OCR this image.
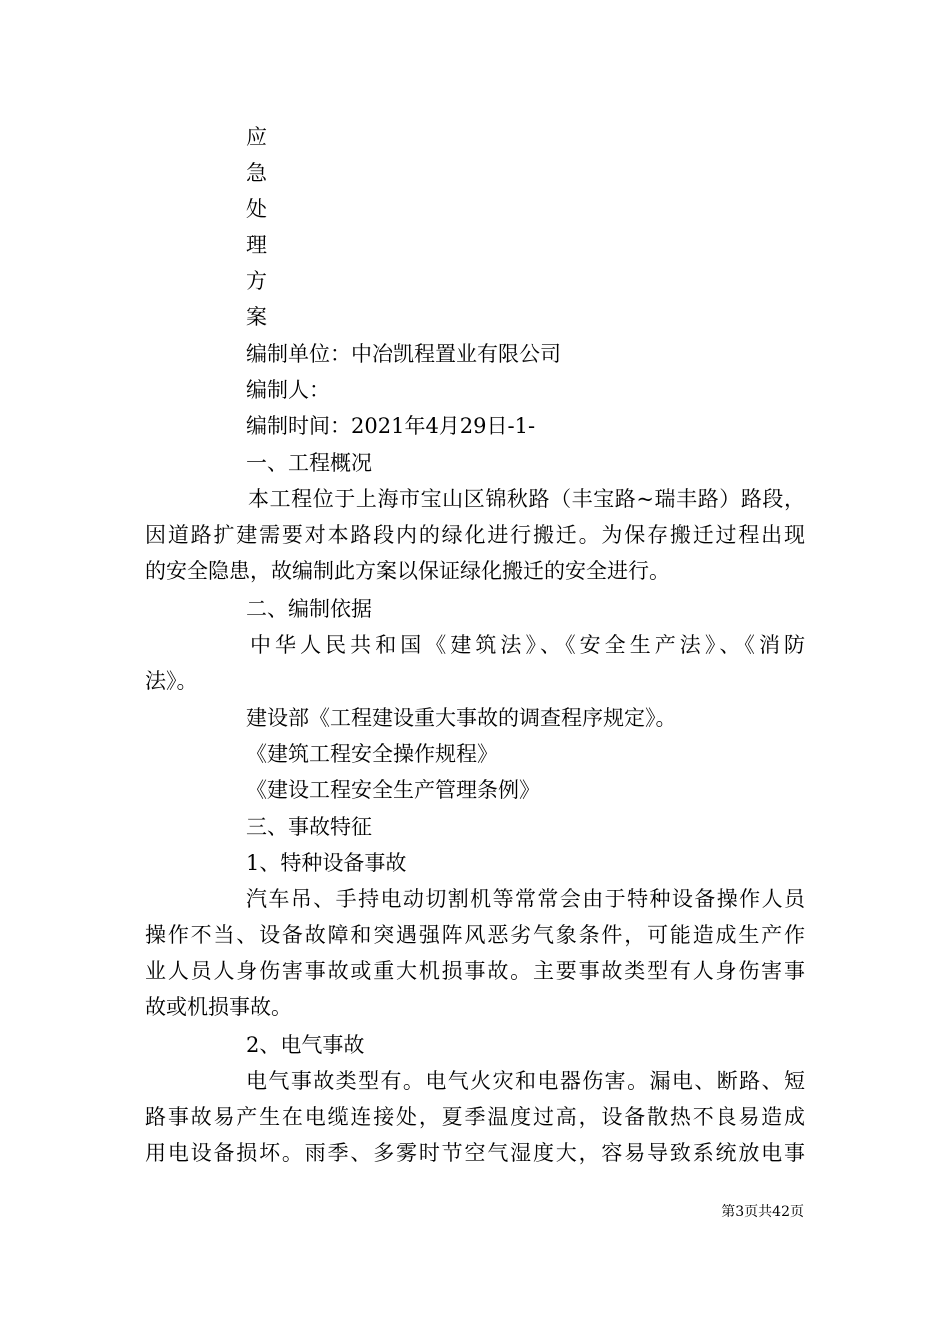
应
急
处
理
方
案
编制单位：中冶凯程置业有限公司
编制人：
编制时间：2021年4月29日-1-
一、工程概况
本工程位于上海市宝山区锦秋路（丰宝路~瑞丰路）路段，
因道路扩建需要对本路段内的绿化进行搬迁。为保存搬迁过程出现
的安全隐患，故编制此方案以保证绿化搬迁的安全进行。
二、编制依据
中华人民共和国《建筑法》、《安全生产法》、《消防
法》。
建设部《工程建设重大事故的调查程序规定》。
《建筑工程安全操作规程》
《建设工程安全生产管理条例》
三、事故特征
1、特种设备事故
汽车吊、手持电动切割机等常常会由于特种设备操作人员
操作不当、设备故障和突遇强阵风恶劣气象条件，可能造成生产作
业人员人身伤害事故或重大机损事故。主要事故类型有人身伤害事
故或机损事故。
2、电气事故
电气事故类型有。电气火灾和电器伤害。漏电、断路、短
路事故易产生在电缆连接处，夏季温度过高，设备散热不良易造成
用电设备损坏。雨季、多雾时节空气湿度大，容易导致系统放电事
第3页共42页
